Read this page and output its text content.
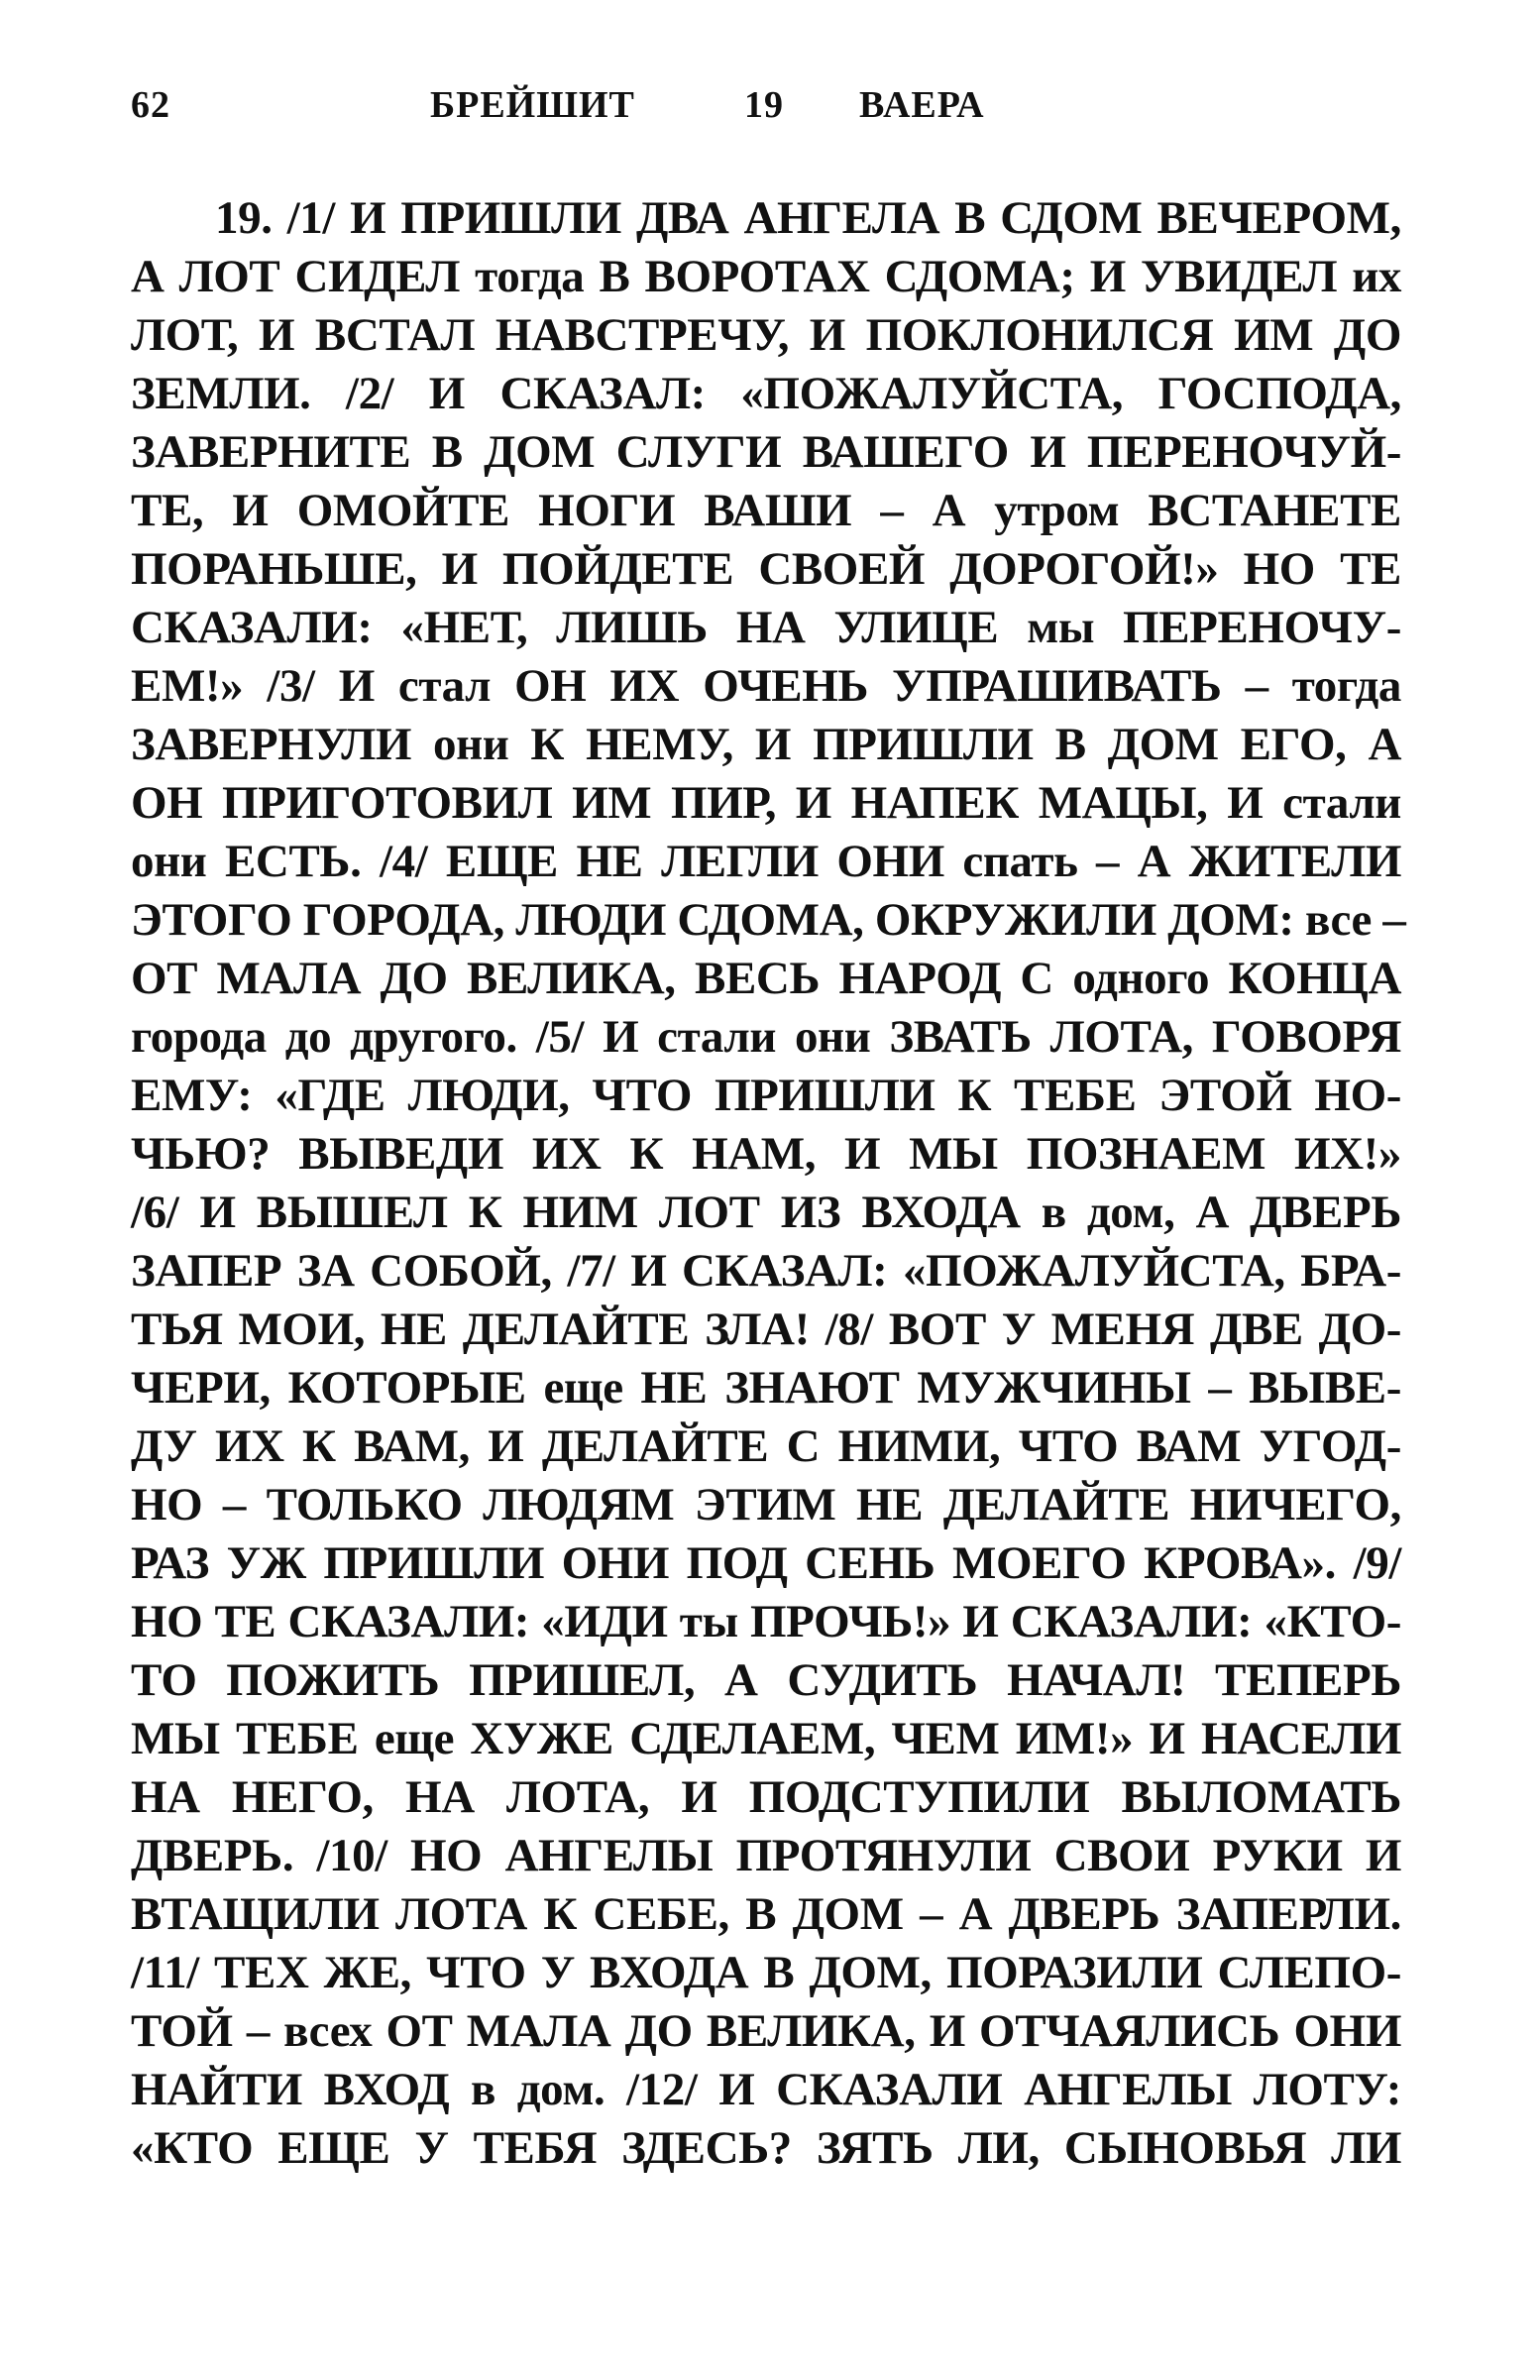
62	БРЕЙШИТ	19 ВАЕРА
19. /1/ И ПРИШЛИ ДВА АНГЕЛА В СДОМ ВЕЧЕРОМ,
А ЛОТ СИДЕЛ тогда В ВОРОТАХ СДОМА; И УВИДЕЛ их
ЛОТ, И ВСТАЛ НАВСТРЕЧУ, И ПОКЛОНИЛСЯ ИМ ДО
ЗЕМЛИ. /2/ И СКАЗАЛ: «ПОЖАЛУЙСТА, ГОСПОДА,
ЗАВЕРНИТЕ В ДОМ СЛУГИ ВАШЕГО И ПЕРЕНОЧУЙ-
ТЕ, И ОМОЙТЕ НОГИ ВАШИ – А утром ВСТАНЕТЕ
ПОРАНЬШЕ, И ПОЙДЕТЕ СВОЕЙ ДОРОГОЙ!» НО ТЕ
СКАЗАЛИ: «НЕТ, ЛИШЬ НА УЛИЦЕ мы ПЕРЕНОЧУ-
ЕМ!» /3/ И стал ОН ИХ ОЧЕНЬ УПРАШИВАТЬ – тогда
ЗАВЕРНУЛИ они К НЕМУ, И ПРИШЛИ В ДОМ ЕГО, А
ОН ПРИГОТОВИЛ ИМ ПИР, И НАПЕК МАЦЫ, И стали
они ЕСТЬ. /4/ ЕЩЕ НЕ ЛЕГЛИ ОНИ спать – А ЖИТЕЛИ
ЭТОГО ГОРОДА, ЛЮДИ СДОМА, ОКРУЖИЛИ ДОМ: все –
ОТ МАЛА ДО ВЕЛИКА, ВЕСЬ НАРОД С одного КОНЦА
города до другого. /5/ И стали они ЗВАТЬ ЛОТА, ГОВОРЯ
ЕМУ: «ГДЕ ЛЮДИ, ЧТО ПРИШЛИ К ТЕБЕ ЭТОЙ НО-
ЧЬЮ? ВЫВЕДИ ИХ К НАМ, И МЫ ПОЗНАЕМ ИХ!»
/6/ И ВЫШЕЛ К НИМ ЛОТ ИЗ ВХОДА в дом, А ДВЕРЬ
ЗАПЕР ЗА СОБОЙ, /7/ И СКАЗАЛ: «ПОЖАЛУЙСТА, БРА-
ТЬЯ МОИ, НЕ ДЕЛАЙТЕ ЗЛА! /8/ ВОТ У МЕНЯ ДВЕ ДО-
ЧЕРИ, КОТОРЫЕ еще НЕ ЗНАЮТ МУЖЧИНЫ – ВЫВЕ-
ДУ ИХ К ВАМ, И ДЕЛАЙТЕ С НИМИ, ЧТО ВАМ УГОД-
НО – ТОЛЬКО ЛЮДЯМ ЭТИМ НЕ ДЕЛАЙТЕ НИЧЕГО,
РАЗ УЖ ПРИШЛИ ОНИ ПОД СЕНЬ МОЕГО КРОВА». /9/
НО ТЕ СКАЗАЛИ: «ИДИ ты ПРОЧЬ!» И СКАЗАЛИ: «КТО-
ТО ПОЖИТЬ ПРИШЕЛ, А СУДИТЬ НАЧАЛ! ТЕПЕРЬ
МЫ ТЕБЕ еще ХУЖЕ СДЕЛАЕМ, ЧЕМ ИМ!» И НАСЕЛИ
НА НЕГО, НА ЛОТА, И ПОДСТУПИЛИ ВЫЛОМАТЬ
ДВЕРЬ. /10/ НО АНГЕЛЫ ПРОТЯНУЛИ СВОИ РУКИ И
ВТАЩИЛИ ЛОТА К СЕБЕ, В ДОМ – А ДВЕРЬ ЗАПЕРЛИ.
/11/ ТЕХ ЖЕ, ЧТО У ВХОДА В ДОМ, ПОРАЗИЛИ СЛЕПО-
ТОЙ – всех ОТ МАЛА ДО ВЕЛИКА, И ОТЧАЯЛИСЬ ОНИ
НАЙТИ ВХОД в дом. /12/ И СКАЗАЛИ АНГЕЛЫ ЛОТУ:
«КТО ЕЩЕ У ТЕБЯ ЗДЕСЬ? ЗЯТЬ ЛИ, СЫНОВЬЯ ЛИ
